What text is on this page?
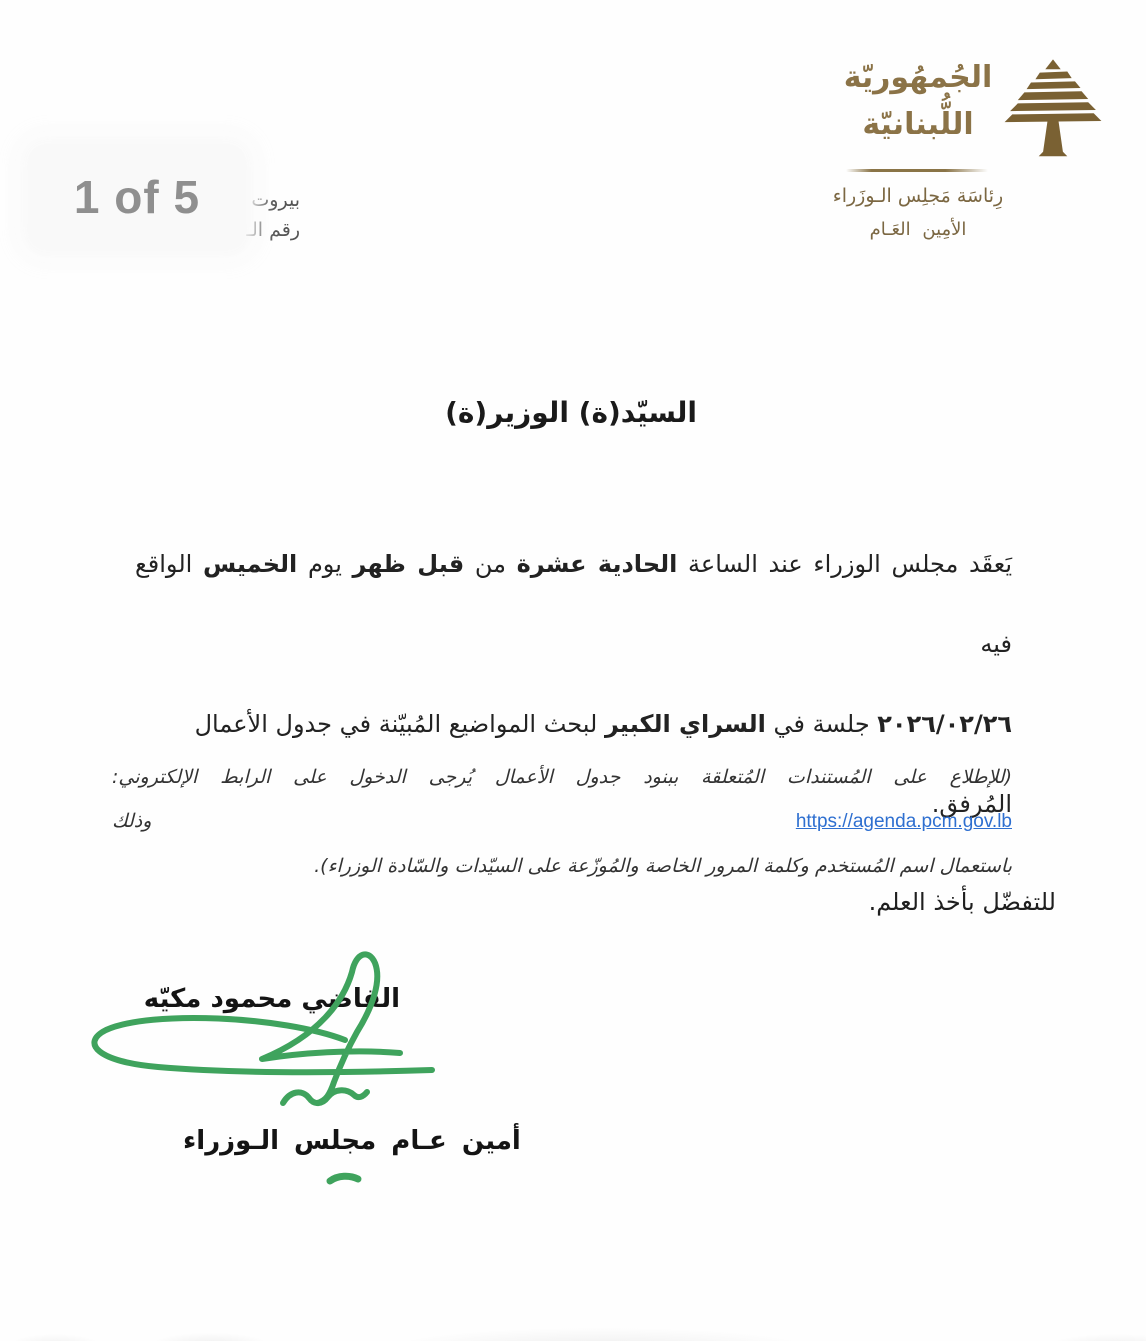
بيروت
رقم الـ
1 of 5
الجُمهُوريّة
اللُّبنانيّة
رِئاسَة مَجلِس الـوزَراء
الأمِين العَـام
السيّد(ة) الوزير(ة)
يَعقَد مجلس الوزراء عند الساعة الحادية عشرة من قبل ظهر يوم الخميس الواقع فيه
٢٠٢٦/٠٢/٢٦ جلسة في السراي الكبير لبحث المواضيع المُبيّنة في جدول الأعمال المُرفق.
(للإطلاع على المُستندات المُتعلقة ببنود جدول الأعمال يُرجى الدخول على الرابط الإلكتروني: https://agenda.pcm.gov.lb وذلك
باستعمال اسم المُستخدم وكلمة المرور الخاصة والمُوزّعة على السيّدات والسّادة الوزراء).
للتفضّل بأخذ العلم.
القاضي محمود مكيّه
أمين عـام مجلس الـوزراء
